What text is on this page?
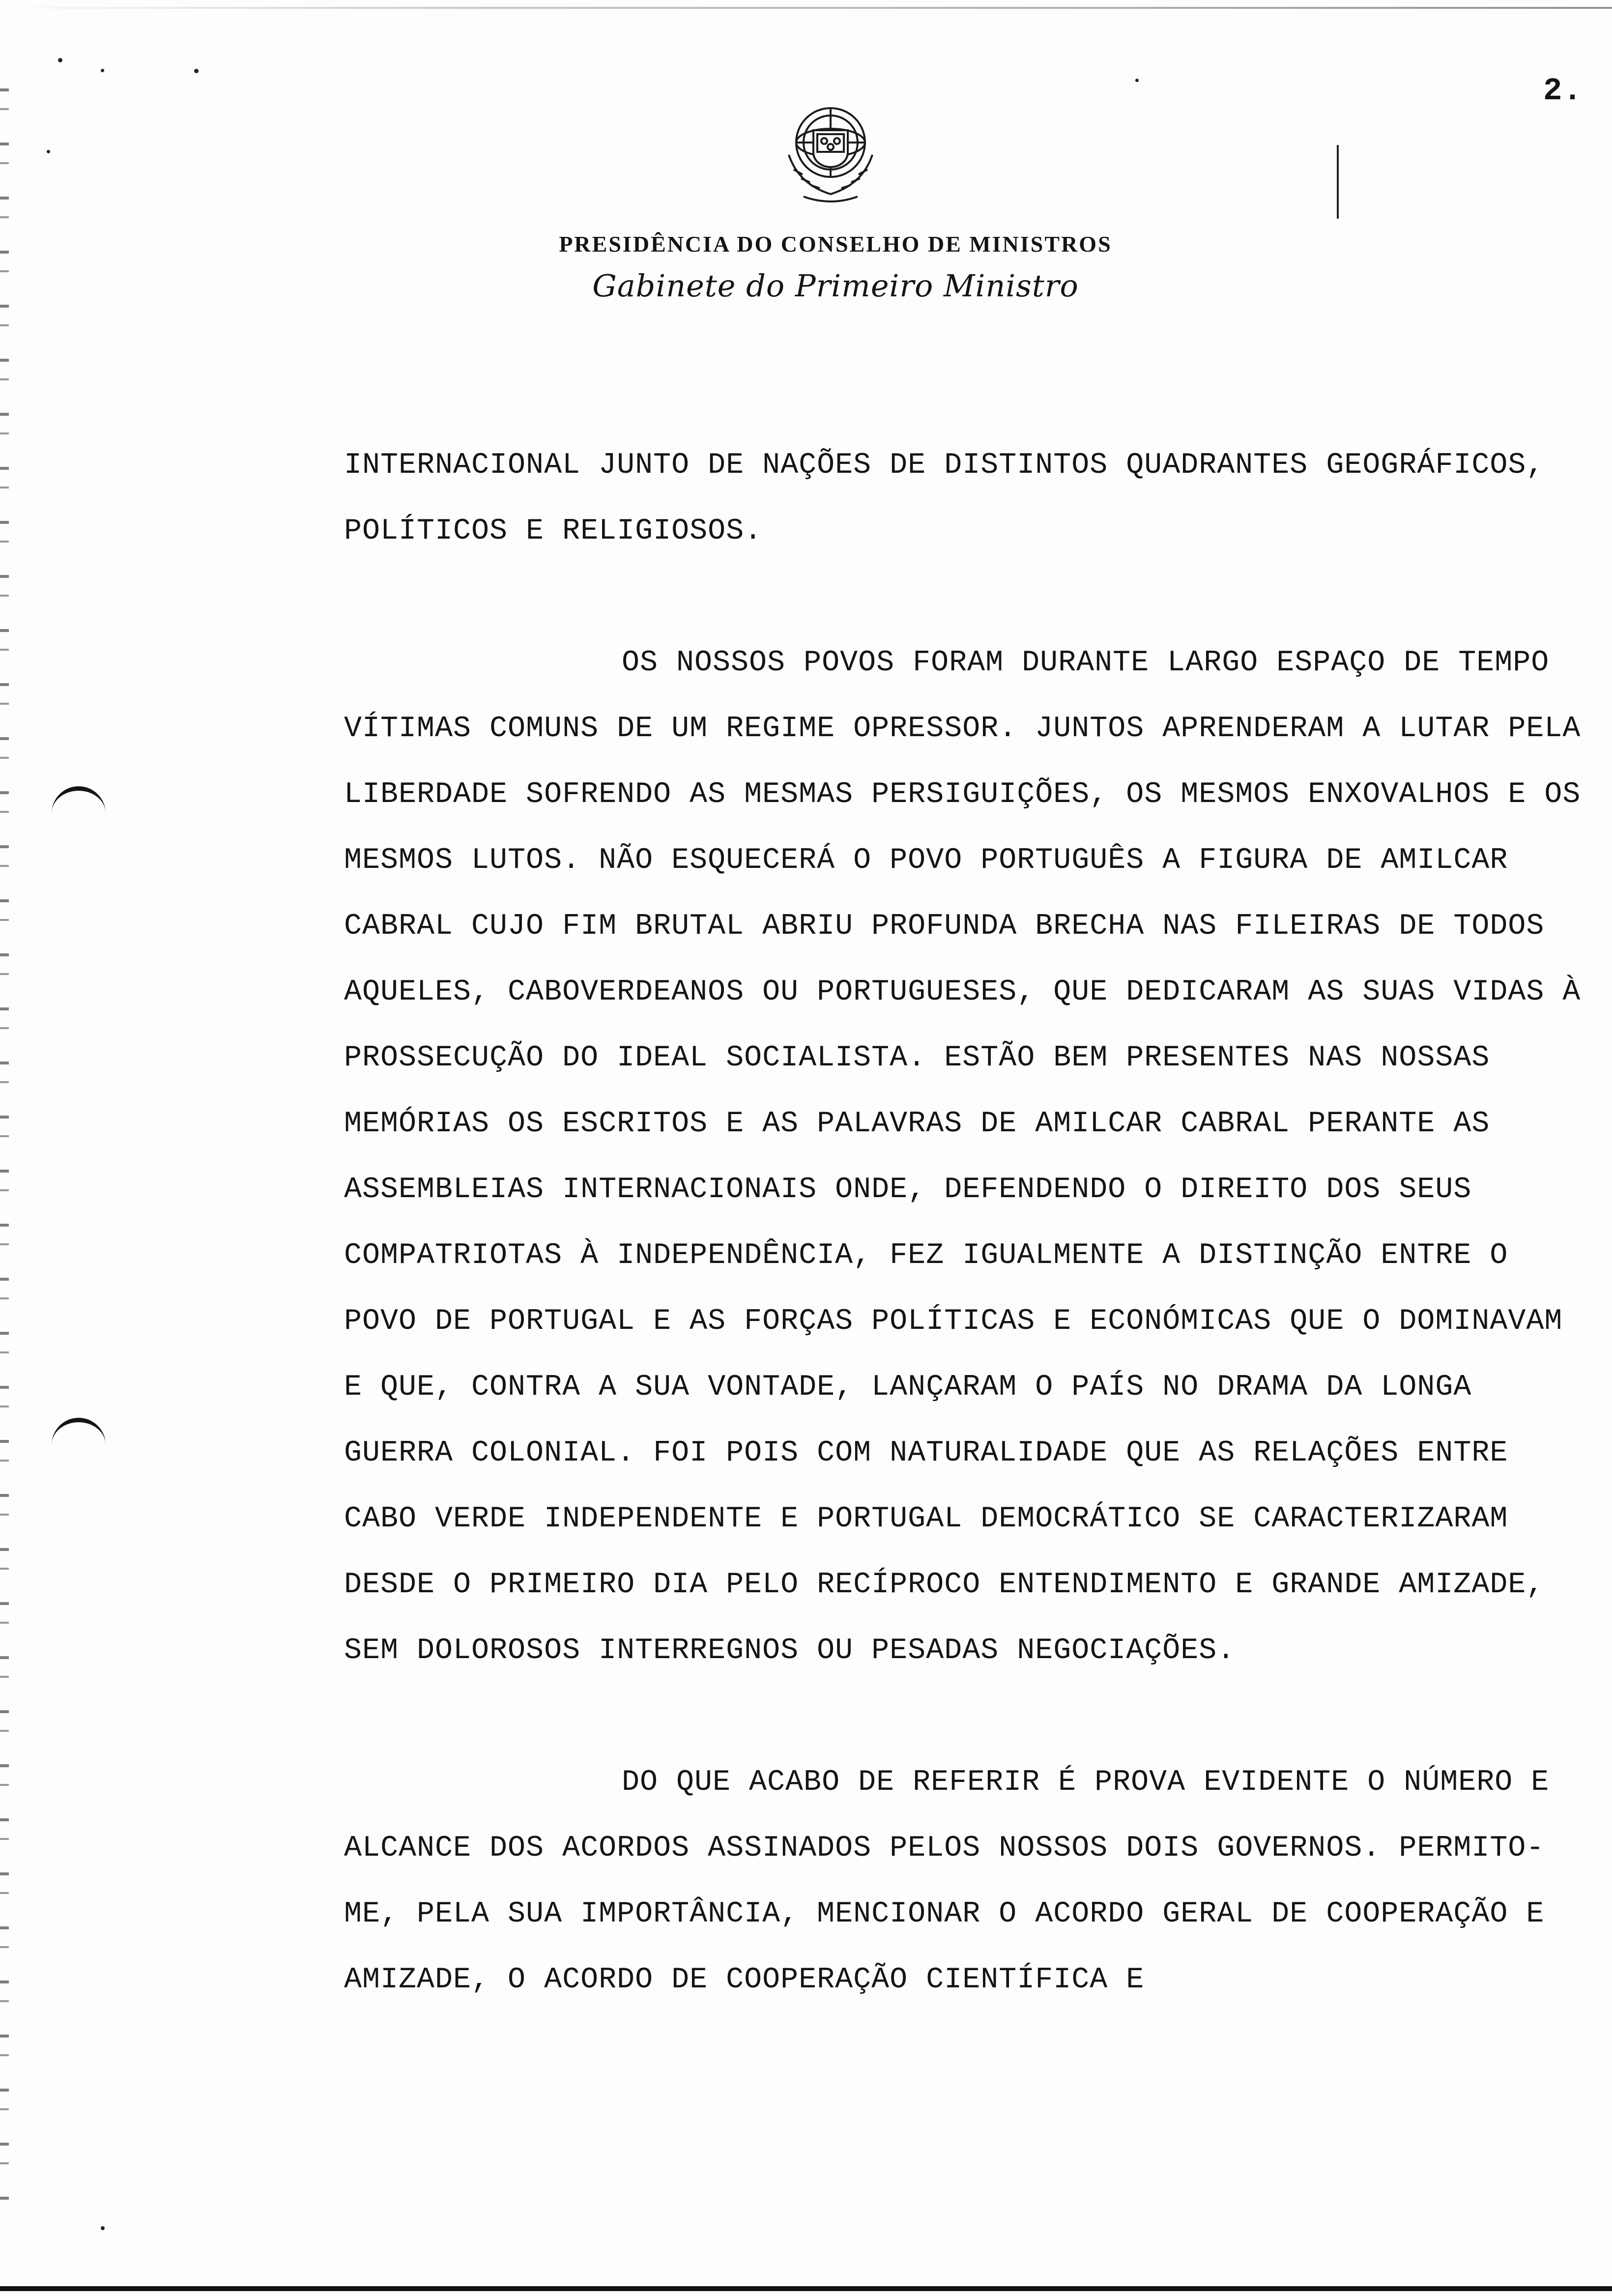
2.
PRESIDÊNCIA DO CONSELHO DE MINISTROS
Gabinete do Primeiro Ministro

INTERNACIONAL JUNTO DE NAÇÕES DE DISTINTOS QUADRANTES GEOGRÁFICOS, POLÍTICOS E RELIGIOSOS.

OS NOSSOS POVOS FORAM DURANTE LARGO ESPAÇO DE TEMPO VÍTIMAS COMUNS DE UM REGIME OPRESSOR. JUNTOS APRENDERAM A LUTAR PELA LIBERDADE SOFRENDO AS MESMAS PERSIGUIÇÕES, OS MESMOS ENXOVALHOS E OS MESMOS LUTOS. NÃO ESQUECERÁ O POVO PORTUGUÊS A FIGURA DE AMILCAR CABRAL CUJO FIM BRUTAL ABRIU PROFUNDA BRECHA NAS FILEIRAS DE TODOS AQUELES, CABOVERDEANOS OU PORTUGUESES, QUE DEDICARAM AS SUAS VIDAS À PROSSECUÇÃO DO IDEAL SOCIALISTA. ESTÃO BEM PRESENTES NAS NOSSAS MEMÓRIAS OS ESCRITOS E AS PALAVRAS DE AMILCAR CABRAL PERANTE AS ASSEMBLEIAS INTERNACIONAIS ONDE, DEFENDENDO O DIREITO DOS SEUS COMPATRIOTAS À INDEPENDÊNCIA, FEZ IGUALMENTE A DISTINÇÃO ENTRE O POVO DE PORTUGAL E AS FORÇAS POLÍTICAS E ECONÓMICAS QUE O DOMINAVAM E QUE, CONTRA A SUA VONTADE, LANÇARAM O PAÍS NO DRAMA DA LONGA GUERRA COLONIAL. FOI POIS COM NATURALIDADE QUE AS RELAÇÕES ENTRE CABO VERDE INDEPENDENTE E PORTUGAL DEMOCRÁTICO SE CARACTERIZARAM DESDE O PRIMEIRO DIA PELO RECÍPROCO ENTENDIMENTO E GRANDE AMIZADE, SEM DOLOROSOS INTERREGNOS OU PESADAS NEGOCIAÇÕES.

DO QUE ACABO DE REFERIR É PROVA EVIDENTE O NÚMERO E ALCANCE DOS ACORDOS ASSINADOS PELOS NOSSOS DOIS GOVERNOS. PERMITO-ME, PELA SUA IMPORTÂNCIA, MENCIONAR O ACORDO GERAL DE COOPERAÇÃO E AMIZADE, O ACORDO DE COOPERAÇÃO CIENTÍFICA E
